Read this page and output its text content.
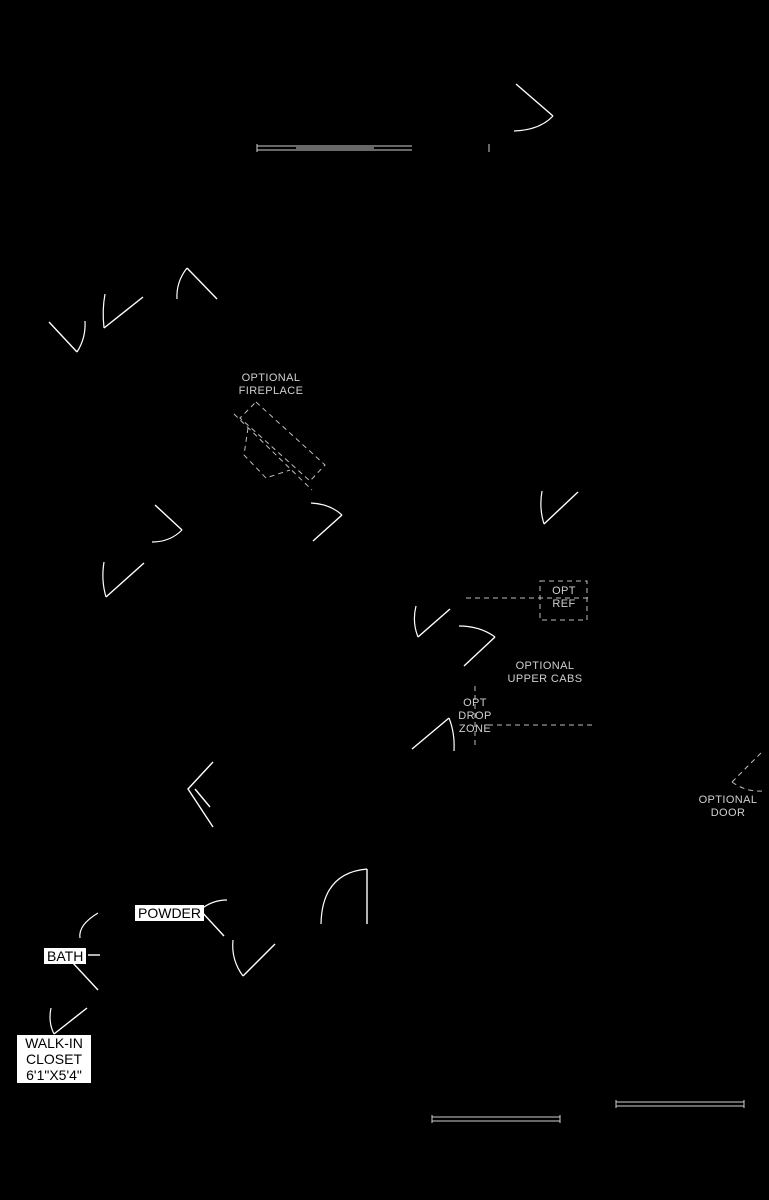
OPTIONAL
FIREPLACE
OPT
REF
OPTIONAL
UPPER CABS
OPT
DROP
ZONE
OPTIONAL
DOOR
POWDER
BATH
WALK-IN
CLOSET
6'1"X5'4"
